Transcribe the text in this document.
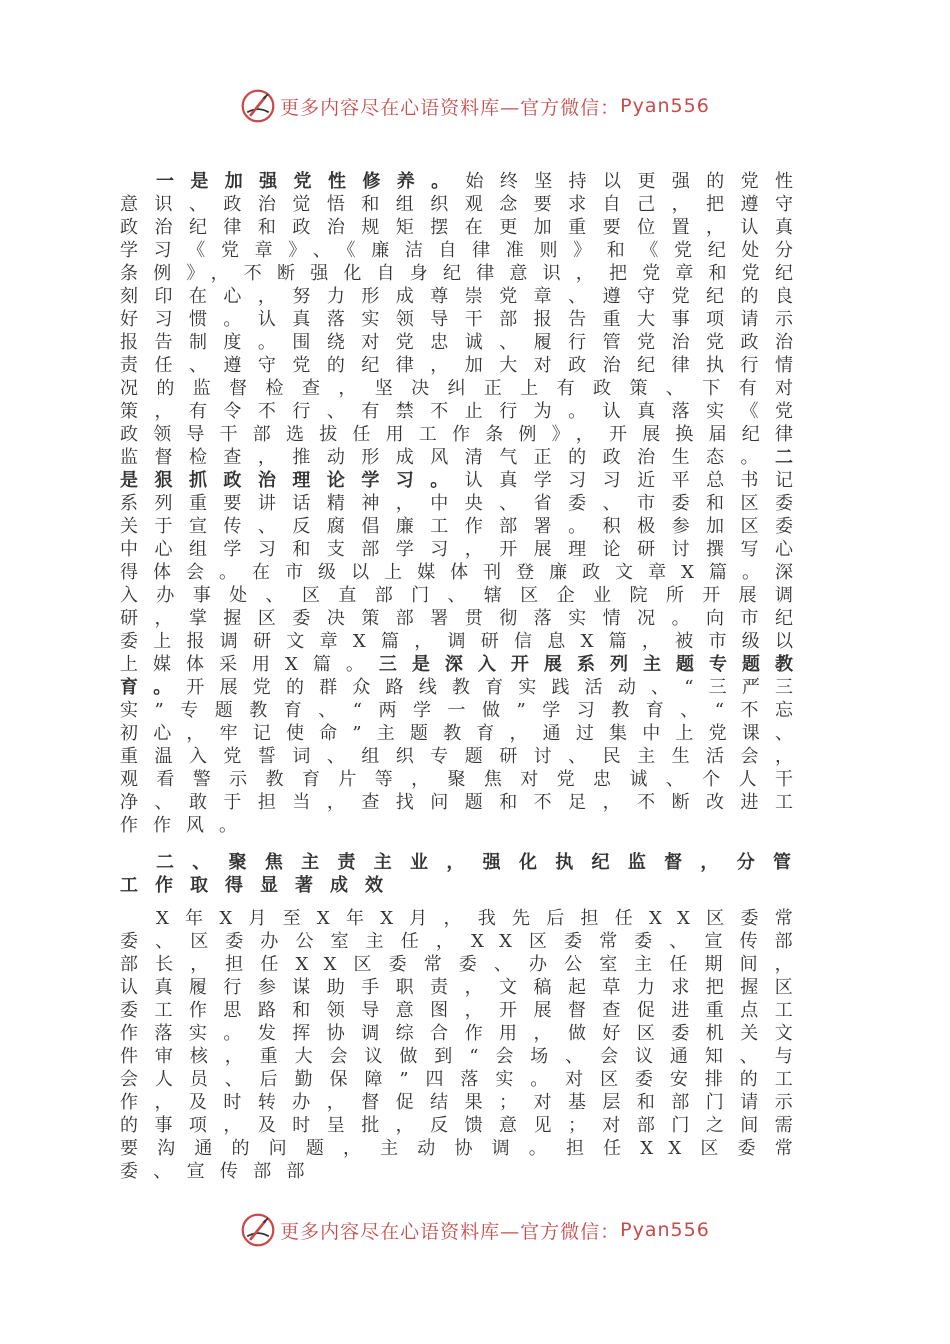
更多内容尽在心语资料库—官方微信： Pyan556

一是加强党性修养。始终坚持以更强的党性意识、政治觉悟和组织观念要求自己，把遵守政治纪律和政治规矩摆在更加重要位置，认真学习《党章》、《廉洁自律准则》和《党纪处分条例》，不断强化自身纪律意识，把党章和党纪刻印在心，努力形成尊崇党章、遵守党纪的良好习惯。认真落实领导干部报告重大事项请示报告制度。围绕对党忠诚、履行管党治党政治责任、遵守党的纪律，加大对政治纪律执行情况的监督检查，坚决纠正上有政策、下有对策，有令不行、有禁不止行为。认真落实《党政领导干部选拔任用工作条例》，开展换届纪律监督检查，推动形成风清气正的政治生态。二是狠抓政治理论学习。认真学习习近平总书记系列重要讲话精神，中央、省委、市委和区委关于宣传、反腐倡廉工作部署。积极参加区委中心组学习和支部学习，开展理论研讨撰写心得体会。在市级以上媒体刊登廉政文章X篇。深入办事处、区直部门、辖区企业院所开展调研，掌握区委决策部署贯彻落实情况。向市纪委上报调研文章X篇，调研信息X篇，被市级以上媒体采用X篇。三是深入开展系列主题专题教育。开展党的群众路线教育实践活动、“三严三实”专题教育、“两学一做”学习教育、“不忘初心，牢记使命”主题教育，通过集中上党课、重温入党誓词、组织专题研讨、民主生活会，观看警示教育片等，聚焦对党忠诚、个人干净、敢于担当，查找问题和不足，不断改进工作作风。

二、聚焦主责主业，强化执纪监督，分管工作取得显著成效

X年X月至X年X月，我先后担任XX区委常委、区委办公室主任，XX区委常委、宣传部部长，担任XX区委常委、办公室主任期间，认真履行参谋助手职责，文稿起草力求把握区委工作思路和领导意图，开展督查促进重点工作落实。发挥协调综合作用，做好区委机关文件审核，重大会议做到“会场、会议通知、与会人员、后勤保障”四落实。对区委安排的工作，及时转办，督促结果；对基层和部门请示的事项，及时呈批，反馈意见；对部门之间需要沟通的问题，主动协调。担任XX区委常委、宣传部部

更多内容尽在心语资料库—官方微信： Pyan556
